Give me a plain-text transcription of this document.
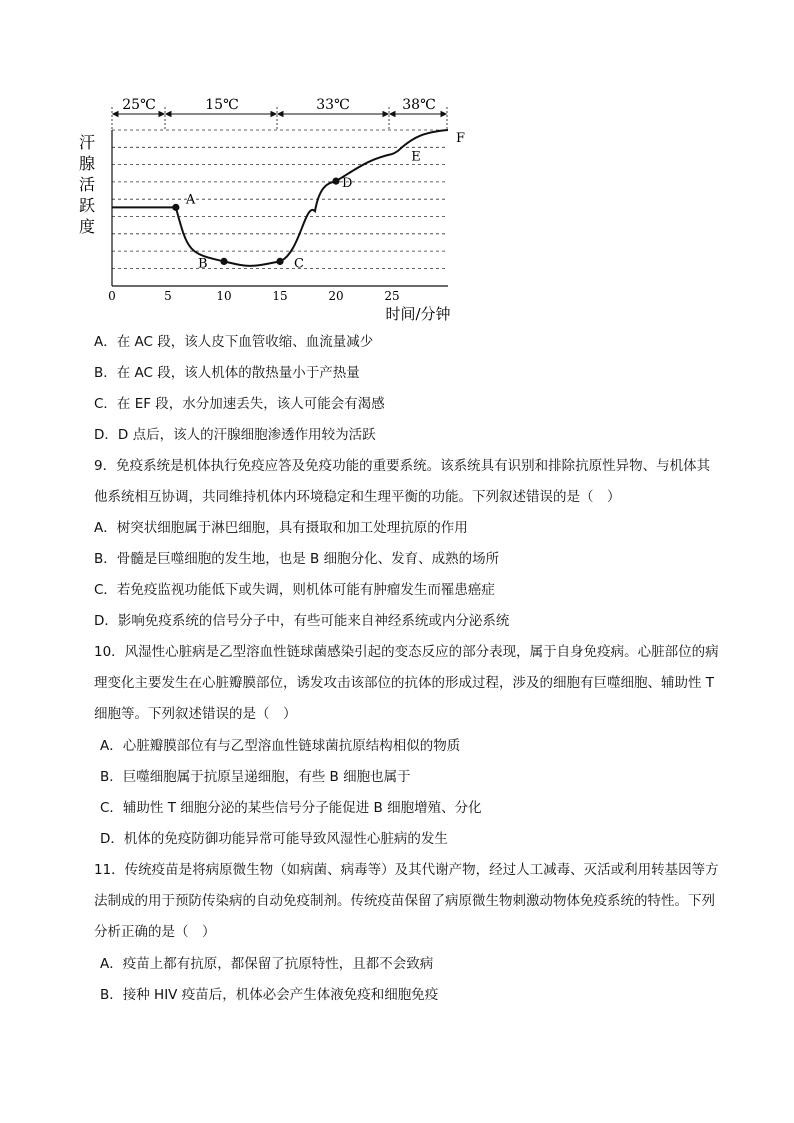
25℃	15℃	33℃	38℃
汗腺活跃度
0	5	10	15	20	25
时间/分钟
A
B	C
D
E
F
A．在 AC 段，该人皮下血管收缩、血流量减少
B．在 AC 段，该人机体的散热量小于产热量
C．在 EF 段，水分加速丢失，该人可能会有渴感
D．D 点后，该人的汗腺细胞渗透作用较为活跃
9．免疫系统是机体执行免疫应答及免疫功能的重要系统。该系统具有识别和排除抗原性异物、与机体其
他系统相互协调，共同维持机体内环境稳定和生理平衡的功能。下列叙述错误的是（　）
A．树突状细胞属于淋巴细胞，具有摄取和加工处理抗原的作用
B．骨髓是巨噬细胞的发生地，也是 B 细胞分化、发育、成熟的场所
C．若免疫监视功能低下或失调，则机体可能有肿瘤发生而罹患癌症
D．影响免疫系统的信号分子中，有些可能来自神经系统或内分泌系统
10．风湿性心脏病是乙型溶血性链球菌感染引起的变态反应的部分表现，属于自身免疫病。心脏部位的病
理变化主要发生在心脏瓣膜部位，诱发攻击该部位的抗体的形成过程，涉及的细胞有巨噬细胞、辅助性 T
细胞等。下列叙述错误的是（　）
A．心脏瓣膜部位有与乙型溶血性链球菌抗原结构相似的物质
B．巨噬细胞属于抗原呈递细胞，有些 B 细胞也属于
C．辅助性 T 细胞分泌的某些信号分子能促进 B 细胞增殖、分化
D．机体的免疫防御功能异常可能导致风湿性心脏病的发生
11．传统疫苗是将病原微生物（如病菌、病毒等）及其代谢产物，经过人工减毒、灭活或利用转基因等方
法制成的用于预防传染病的自动免疫制剂。传统疫苗保留了病原微生物刺激动物体免疫系统的特性。下列
分析正确的是（　）
A．疫苗上都有抗原，都保留了抗原特性，且都不会致病
B．接种 HIV 疫苗后，机体必会产生体液免疫和细胞免疫
